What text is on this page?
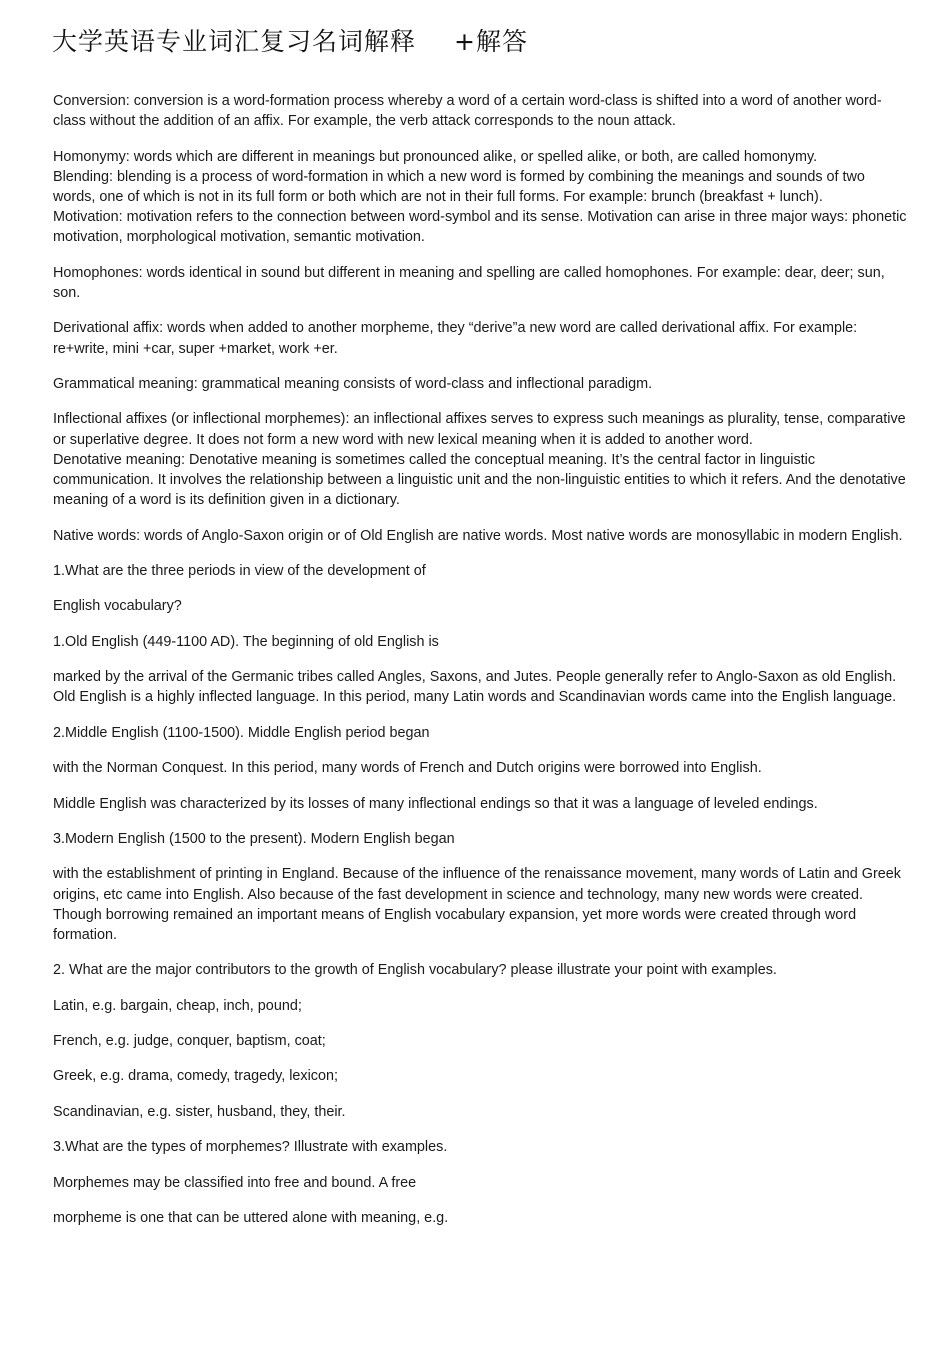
大学英语专业词汇复习名词解释 +解答

Conversion: conversion is a word-formation process whereby a word of a certain word-class is shifted into a word of another word-class without the addition of an affix. For example, the verb attack corresponds to the noun attack.

Homonymy: words which are different in meanings but pronounced alike, or spelled alike, or both, are called homonymy.

Blending: blending is a process of word-formation in which a new word is formed by combining the meanings and sounds of two words, one of which is not in its full form or both which are not in their full forms. For example: brunch (breakfast + lunch).

Motivation: motivation refers to the connection between word-symbol and its sense. Motivation can arise in three major ways: phonetic motivation, morphological motivation, semantic motivation.

Homophones: words identical in sound but different in meaning and spelling are called homophones. For example: dear, deer; sun, son.

Derivational affix: words when added to another morpheme, they “derive”a new word are called derivational affix. For example: re+write, mini +car, super +market, work +er.

Grammatical meaning: grammatical meaning consists of word-class and inflectional paradigm.

Inflectional affixes (or inflectional morphemes): an inflectional affixes serves to express such meanings as plurality, tense, comparative or superlative degree. It does not form a new word with new lexical meaning when it is added to another word.

Denotative meaning: Denotative meaning is sometimes called the conceptual meaning. It’s the central factor in linguistic communication. It involves the relationship between a linguistic unit and the non-linguistic entities to which it refers. And the denotative meaning of a word is its definition given in a dictionary.

Native words: words of Anglo-Saxon origin or of Old English are native words. Most native words are monosyllabic in modern English.

1.What are the three periods in view of the development of

English vocabulary?

1.Old English (449-1100 AD). The beginning of old English is

marked by the arrival of the Germanic tribes called Angles, Saxons, and Jutes. People generally refer to Anglo-Saxon as old English. Old English is a highly inflected language. In this period, many Latin words and Scandinavian words came into the English language.

2.Middle English (1100-1500). Middle English period began

with the Norman Conquest. In this period, many words of French and Dutch origins were borrowed into English.

Middle English was characterized by its losses of many inflectional endings so that it was a language of leveled endings.

3.Modern English (1500 to the present). Modern English began

with the establishment of printing in England. Because of the influence of the renaissance movement, many words of Latin and Greek origins, etc came into English. Also because of the fast development in science and technology, many new words were created. Though borrowing remained an important means of English vocabulary expansion, yet more words were created through word formation.

2. What are the major contributors to the growth of English vocabulary? please illustrate your point with examples.

Latin, e.g. bargain, cheap, inch, pound;

French, e.g. judge, conquer, baptism, coat;

Greek, e.g. drama, comedy, tragedy, lexicon;

Scandinavian, e.g. sister, husband, they, their.

3.What are the types of morphemes? Illustrate with examples.

Morphemes may be classified into free and bound. A free

morpheme is one that can be uttered alone with meaning, e.g.
